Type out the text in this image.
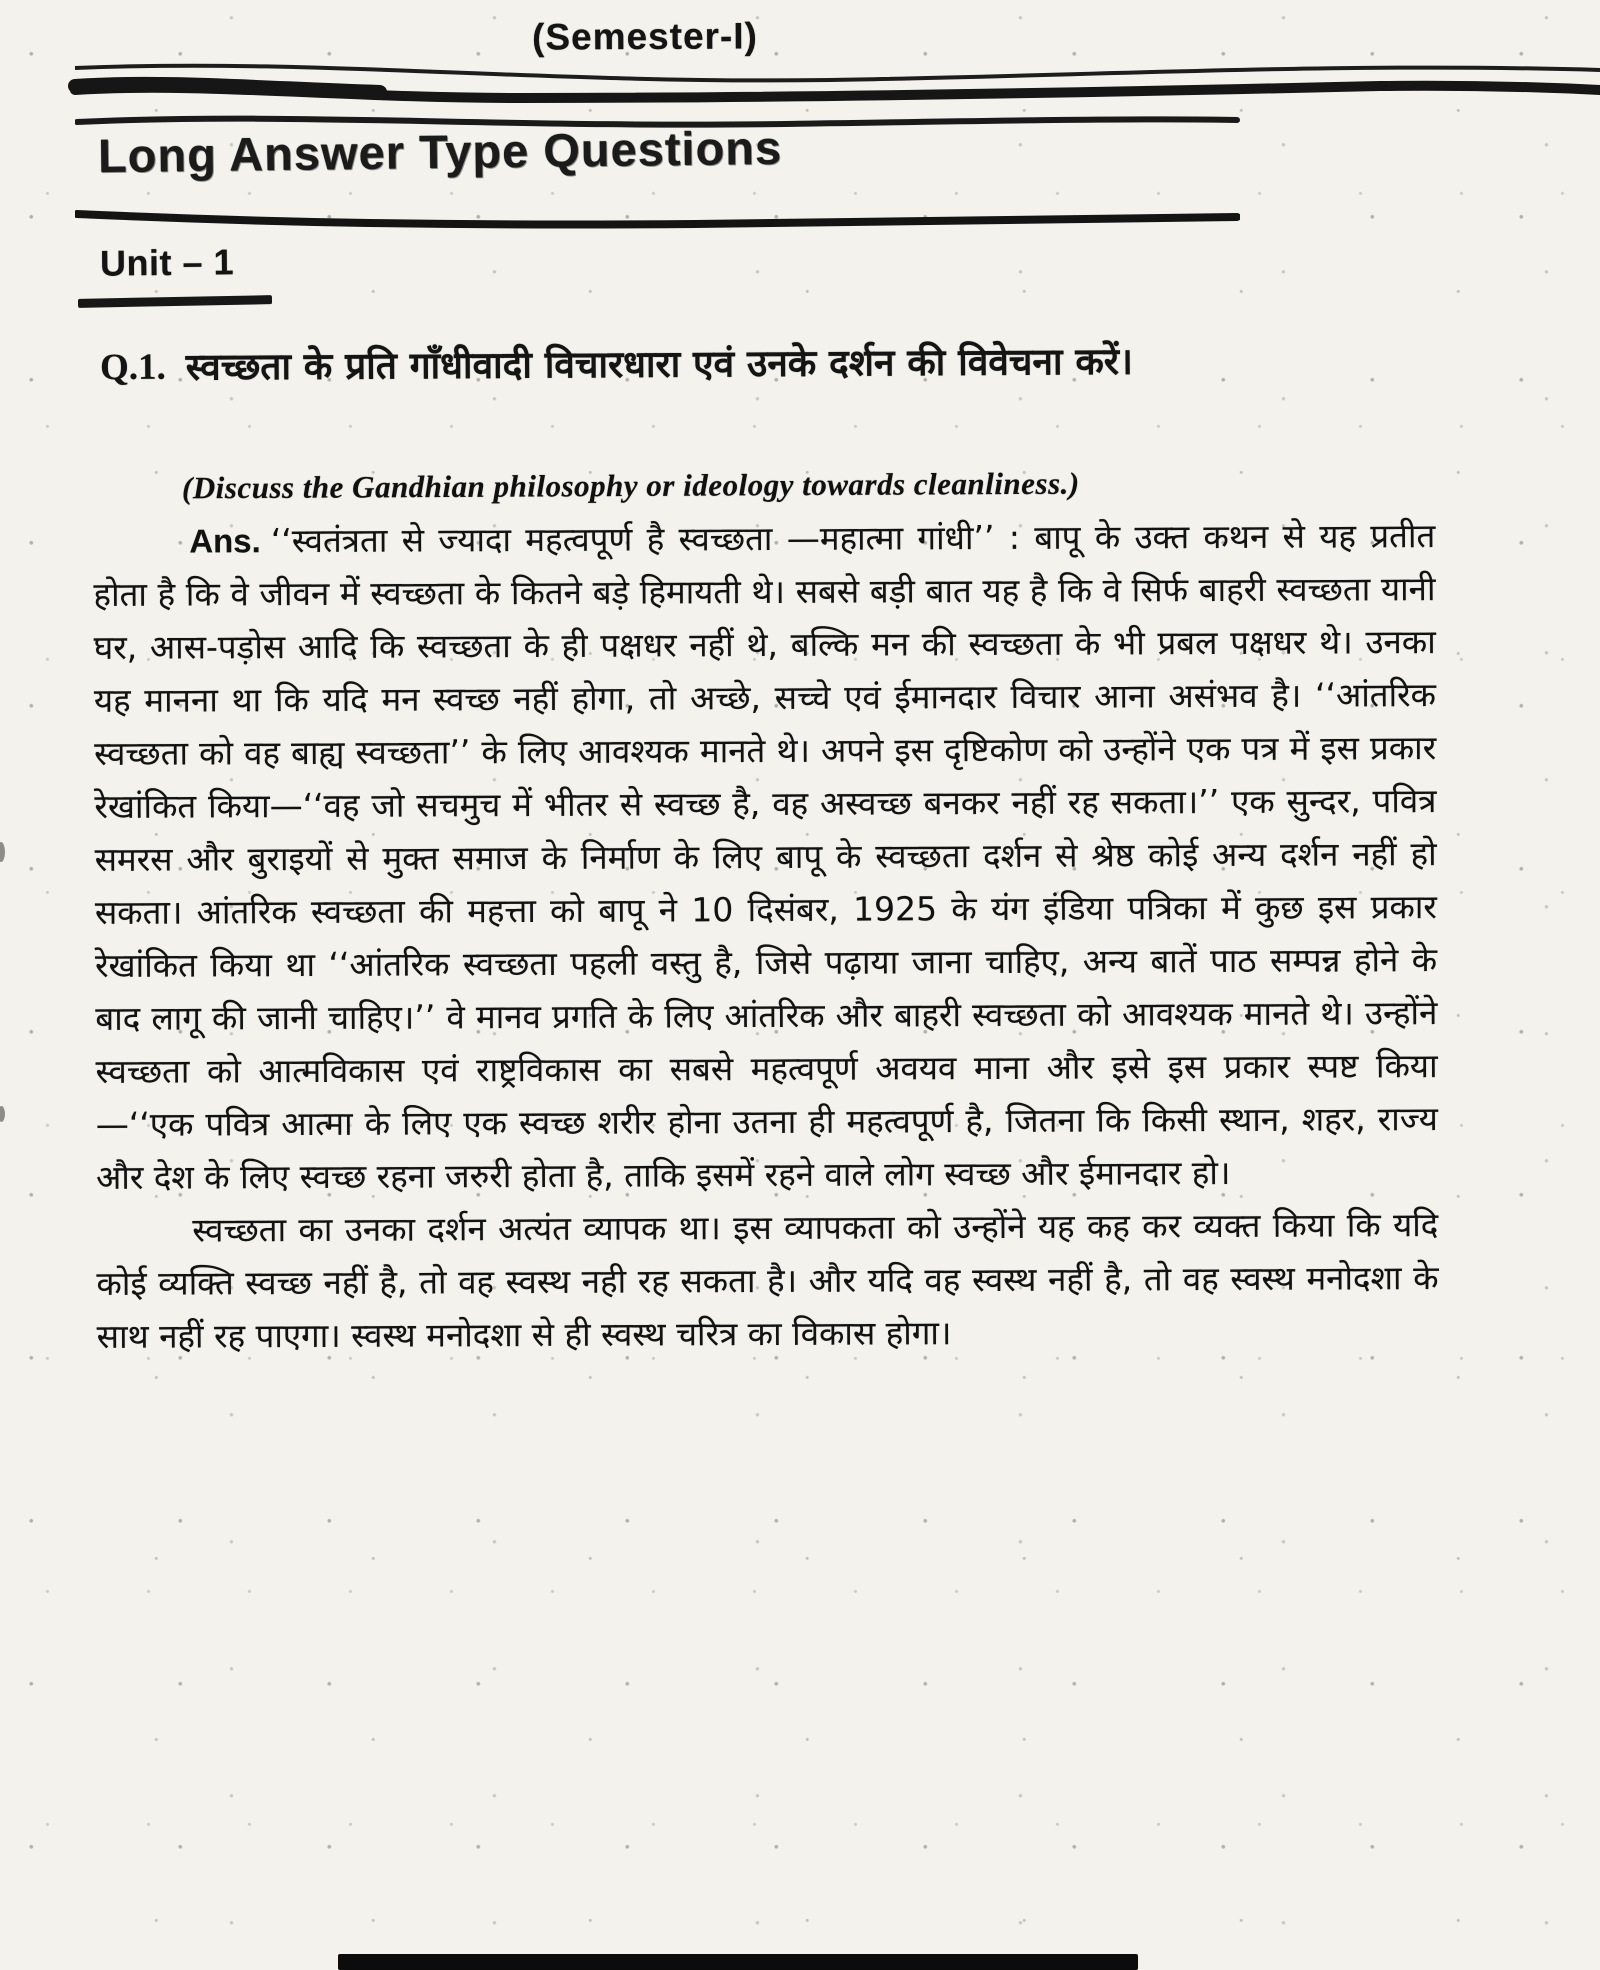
(Semester-I)
Long Answer Type Questions
Unit – 1
Q.1. स्वच्छता के प्रति गाँधीवादी विचारधारा एवं उनके दर्शन की विवेचना करें।
(Discuss the Gandhian philosophy or ideology towards cleanliness.)

Ans. ‘‘स्वतंत्रता से ज्यादा महत्वपूर्ण है स्वच्छता —महात्मा गांधी’’ : बापू के उक्त कथन से यह प्रतीत होता है कि वे जीवन में स्वच्छता के कितने बड़े हिमायती थे। सबसे बड़ी बात यह है कि वे सिर्फ बाहरी स्वच्छता यानी घर, आस-पड़ोस आदि कि स्वच्छता के ही पक्षधर नहीं थे, बल्कि मन की स्वच्छता के भी प्रबल पक्षधर थे। उनका यह मानना था कि यदि मन स्वच्छ नहीं होगा, तो अच्छे, सच्चे एवं ईमानदार विचार आना असंभव है। ‘‘आंतरिक स्वच्छता को वह बाह्य स्वच्छता’’ के लिए आवश्यक मानते थे। अपने इस दृष्टिकोण को उन्होंने एक पत्र में इस प्रकार रेखांकित किया—‘‘वह जो सचमुच में भीतर से स्वच्छ है, वह अस्वच्छ बनकर नहीं रह सकता।’’ एक सुन्दर, पवित्र समरस और बुराइयों से मुक्त समाज के निर्माण के लिए बापू के स्वच्छता दर्शन से श्रेष्ठ कोई अन्य दर्शन नहीं हो सकता। आंतरिक स्वच्छता की महत्ता को बापू ने 10 दिसंबर, 1925 के यंग इंडिया पत्रिका में कुछ इस प्रकार रेखांकित किया था ‘‘आंतरिक स्वच्छता पहली वस्तु है, जिसे पढ़ाया जाना चाहिए, अन्य बातें पाठ सम्पन्न होने के बाद लागू की जानी चाहिए।’’ वे मानव प्रगति के लिए आंतरिक और बाहरी स्वच्छता को आवश्यक मानते थे। उन्होंने स्वच्छता को आत्मविकास एवं राष्ट्रविकास का सबसे महत्वपूर्ण अवयव माना और इसे इस प्रकार स्पष्ट किया —‘‘एक पवित्र आत्मा के लिए एक स्वच्छ शरीर होना उतना ही महत्वपूर्ण है, जितना कि किसी स्थान, शहर, राज्य और देश के लिए स्वच्छ रहना जरुरी होता है, ताकि इसमें रहने वाले लोग स्वच्छ और ईमानदार हो।

स्वच्छता का उनका दर्शन अत्यंत व्यापक था। इस व्यापकता को उन्होंने यह कह कर व्यक्त किया कि यदि कोई व्यक्ति स्वच्छ नहीं है, तो वह स्वस्थ नही रह सकता है। और यदि वह स्वस्थ नहीं है, तो वह स्वस्थ मनोदशा के साथ नहीं रह पाएगा। स्वस्थ मनोदशा से ही स्वस्थ चरित्र का विकास होगा।
